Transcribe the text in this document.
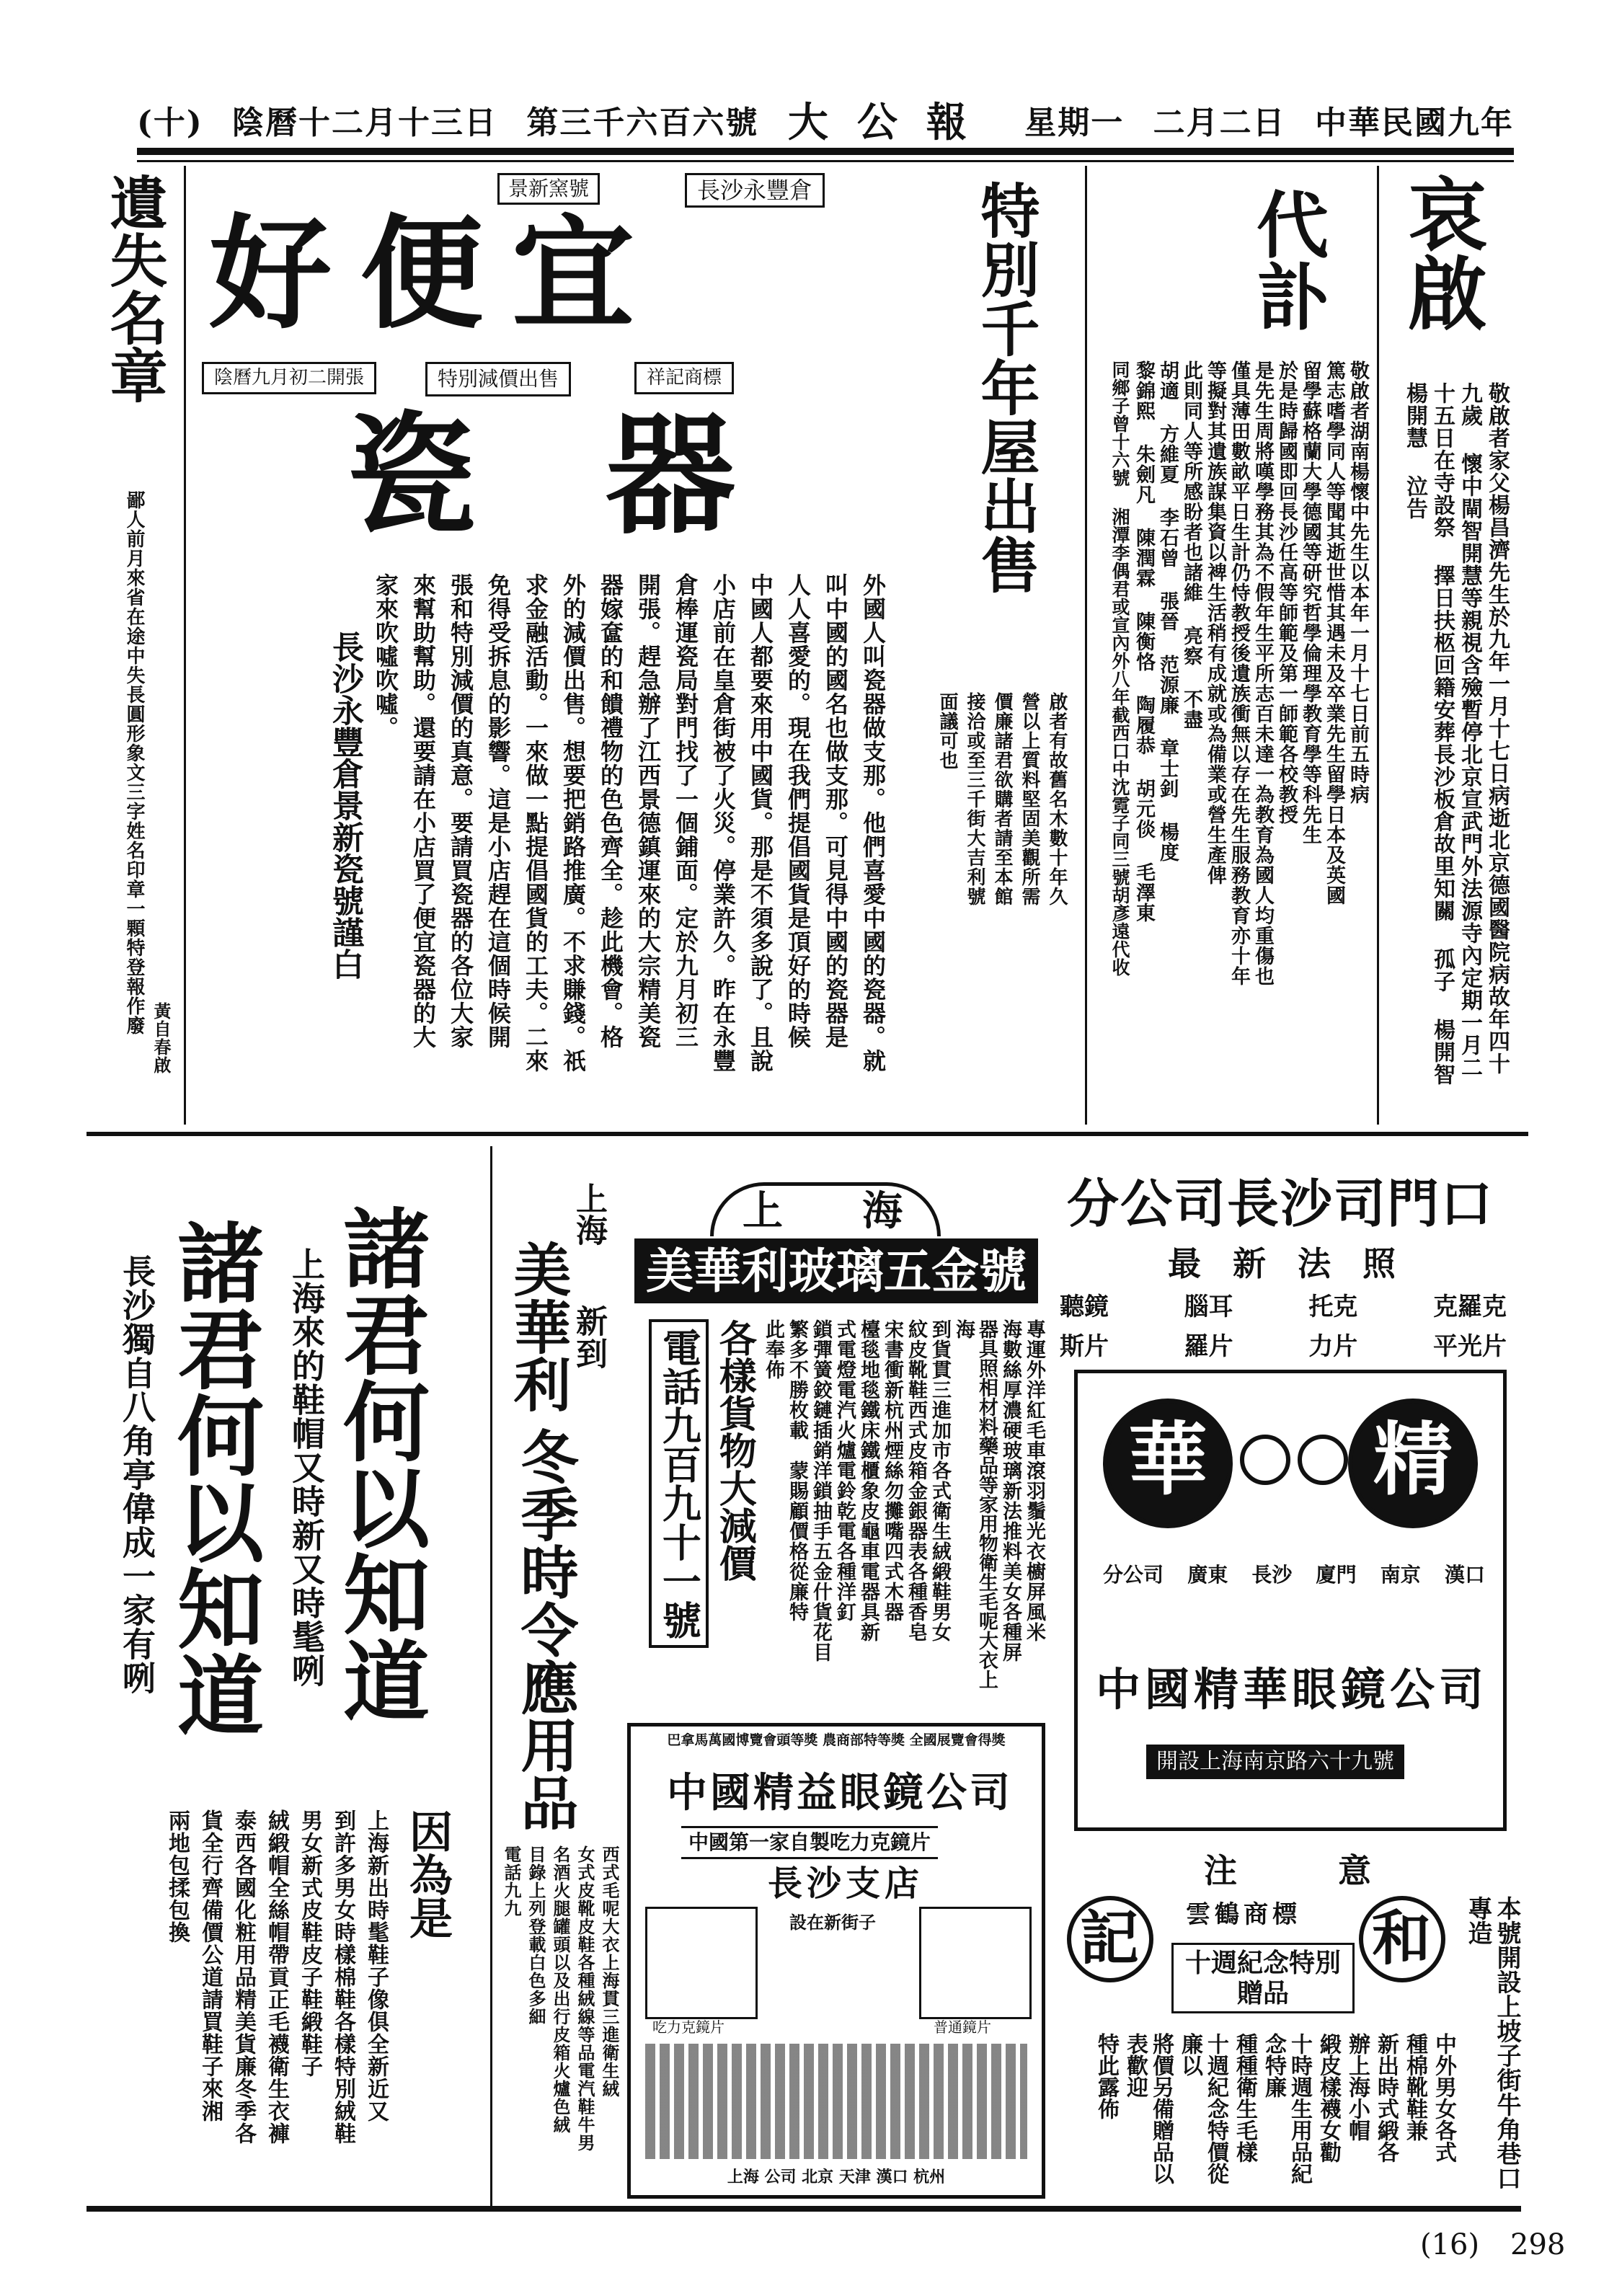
(十) 陰曆十二月十三日 第三千六百六號 大公報 星期一 二月二日 中華民國九年
哀啟
敬啟者家父楊昌濟先生於九年一月十七日病逝北京德國醫院病故年四十九歲 懷中閘智開慧等親視含殮暫停北京宣武門外法源寺內定期一月二十五日在寺設祭 擇日扶柩回籍安葬長沙板倉故里知關 孤子 楊開智 楊開慧 泣告
代訃
敬啟者湖南楊懷中先生以本年一月十七日前五時病
篤志嗜學同人等聞其逝世惜其遇未及卒業先生留學日本及英國
留學蘇格蘭大學德國等研究哲學倫理學教育學等科先生
於是時歸國即回長沙任高等師範及第一師範各校教授
是先生周將嘆學務其為不假年生平所志百未達一為教育為國人均重傷也
僅具薄田數畝平日生計仍恃教授後遺族衝無以存在先生服務教育亦十年
等擬對其遺族謀集資以裨生活稍有成就或為備業或營生產俾
此則同人等所感盼者也諸維 亮察 不盡
胡適 方維夏 李石曾 張晉 范源廉 章士釗 楊度
黎錦熙 朱劍凡 陳潤霖 陳衡恪 陶履恭 胡元倓 毛澤東
同鄉子曾十六號 湘潭李偶君或宣內外八年截西口中沈霓子同三號胡彥遠代收
特別千年屋出售
啟者有故舊名木數十年久營以上質料堅固美觀所需價廉諸君欲購者請至本館接洽或至三千街大吉利號面議可也
景新窯號	長沙永豐倉
好便宜
陰曆九月初二開張	特別減價出售	祥記商標
瓷器
外國人叫瓷器做支那。他們喜愛中國的瓷器。就
叫中國的國名也做支那。可見得中國的瓷器是
人人喜愛的。現在我們提倡國貨是頂好的時候
中國人都要來用中國貨。那是不須多說了。且說
小店前在皇倉街被了火災。停業許久。昨在永豐
倉棒運瓷局對門找了一個鋪面。定於九月初三
開張。趕急辦了江西景德鎮運來的大宗精美瓷
器嫁奩的和饋禮物的色色齊全。趁此機會。格
外的減價出售。想要把銷路推廣。不求賺錢。祇
求金融活動。一來做一點提倡國貨的工夫。二來
免得受拆息的影響。這是小店趕在這個時候開
張和特別減價的真意。要請買瓷器的各位大家
來幫助幫助。還要請在小店買了便宜瓷器的大
家來吹噓吹噓。
長沙永豐倉景新瓷號謹白
遺失名章
鄙人前月來省在途中失長圓形象文三字姓名印章一顆特登報作廢
黃自春啟
諸君何以知道
上海來的鞋帽又時新又時髦咧
諸君何以知道
長沙獨自八角亭偉成一家有咧
因為是
上海新出時髦鞋子像俱全新近又
到許多男女時樣棉鞋各樣特別絨鞋
男女新式皮鞋皮子鞋緞鞋子
絨緞帽全絲帽帶貢正毛襪衛生衣褲
泰西各國化粧用品精美貨廉冬季各
貨全行齊備價公道請買鞋子來湘
兩地包揉包換
上海
美華利
新到
冬季時令應用品
西式毛呢大衣上海貫三進衛生絨
女式皮靴皮鞋各種絨線等品電汽鞋牛男
名酒火腿罐頭以及出行皮箱火爐色絨
目錄上列登載白色多細
電話九九
上海
美華利玻璃五金號
各樣貨物大減價
電話九百九十一號	專運外洋紅毛車滾羽鬚光衣櫥屏風米
海數絲厚濃硬玻璃新法推料美女各種屏
器具照相材料藥品等家用物衛生毛呢大衣上海
到貨貫三進加市各式衛生絨緞鞋男女
紋皮靴鞋西式皮箱金銀器表各種香皂
宋書衝新杭州煙絲勿攤嘴四式木器
檯毯地毯鐵床鐵櫃象皮龜車電器具新
式電燈電汽火爐電鈴乾電各種洋釘
鎖彈簧鉸鏈插銷洋鎖抽手五金什貨花目
繁多不勝枚載　蒙賜顧價格從廉特
此奉佈
分公司長沙司門口
最新法照
聽鏡	腦耳	托克	克羅克
斯片	羅片	力片	平光片
華 精
分公司 廣東 長沙 廈門 南京 漢口
中國精華眼鏡公司
開設上海南京路六十九號
巴拿馬萬國博覽會頭等獎 農商部特等獎 全國展覽會得獎
中國精益眼鏡公司
中國第一家自製吃力克鏡片
長沙支店
設在新街子
吃力克鏡片	普通鏡片
上海 公司 北京 天津 漢口 杭州
注意
雲鶴商標
記	和
十週紀念特別贈品	本號開設上坡子街牛角巷口專造
中外男女各式
種棉靴鞋兼
新出時式緞各
辦上海小帽
緞皮樣襪女勸
十時週生用品紀念特廉
種種衛生毛樣
十週紀念特價從廉以
將價另備贈品以表歡迎
特此露佈
(16) 298
